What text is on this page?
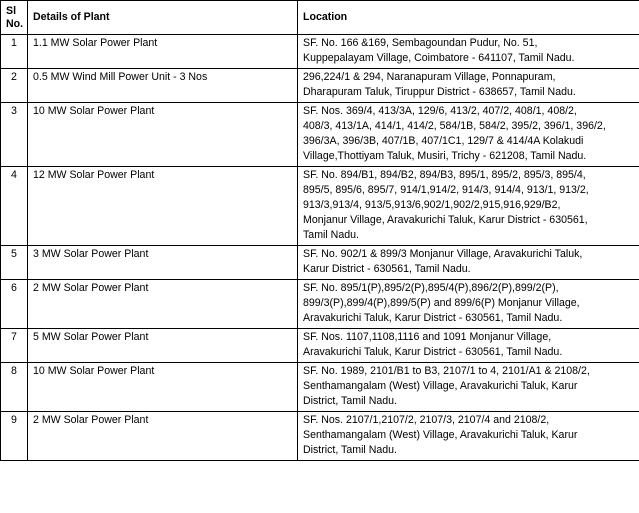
Sl
No.	Details of Plant	Location
1	1.1 MW Solar Power Plant	SF. No. 166 &169, Sembagoundan Pudur, No. 51,
Kuppepalayam Village, Coimbatore - 641107, Tamil Nadu.
2	0.5 MW Wind Mill Power Unit - 3 Nos	296,224/1 & 294, Naranapuram Village, Ponnapuram,
Dharapuram Taluk, Tiruppur District - 638657, Tamil Nadu.
3	10 MW Solar Power Plant	SF. Nos. 369/4, 413/3A, 129/6, 413/2, 407/2, 408/1, 408/2,
408/3, 413/1A, 414/1, 414/2, 584/1B, 584/2, 395/2, 396/1, 396/2,
396/3A, 396/3B, 407/1B, 407/1C1, 129/7 & 414/4A Kolakudi
Village,Thottiyam Taluk, Musiri, Trichy - 621208, Tamil Nadu.
4	12 MW Solar Power Plant	SF. No. 894/B1, 894/B2, 894/B3, 895/1, 895/2, 895/3, 895/4,
895/5, 895/6, 895/7, 914/1,914/2, 914/3, 914/4, 913/1, 913/2,
913/3,913/4, 913/5,913/6,902/1,902/2,915,916,929/B2,
Monjanur Village, Aravakurichi Taluk, Karur District - 630561,
Tamil Nadu.
5	3 MW Solar Power Plant	SF. No. 902/1 & 899/3 Monjanur Village, Aravakurichi Taluk,
Karur District - 630561, Tamil Nadu.
6	2 MW Solar Power Plant	SF. No. 895/1(P),895/2(P),895/4(P),896/2(P),899/2(P),
899/3(P),899/4(P),899/5(P) and 899/6(P) Monjanur Village,
Aravakurichi Taluk, Karur District - 630561, Tamil Nadu.
7	5 MW Solar Power Plant	SF. Nos. 1107,1108,1116 and 1091 Monjanur Village,
Aravakurichi Taluk, Karur District - 630561, Tamil Nadu.
8	10 MW Solar Power Plant	SF. No. 1989, 2101/B1 to B3, 2107/1 to 4, 2101/A1 & 2108/2,
Senthamangalam (West) Village, Aravakurichi Taluk, Karur
District, Tamil Nadu.
9	2 MW Solar Power Plant	SF. Nos. 2107/1,2107/2, 2107/3, 2107/4 and 2108/2,
Senthamangalam (West) Village, Aravakurichi Taluk, Karur
District, Tamil Nadu.
